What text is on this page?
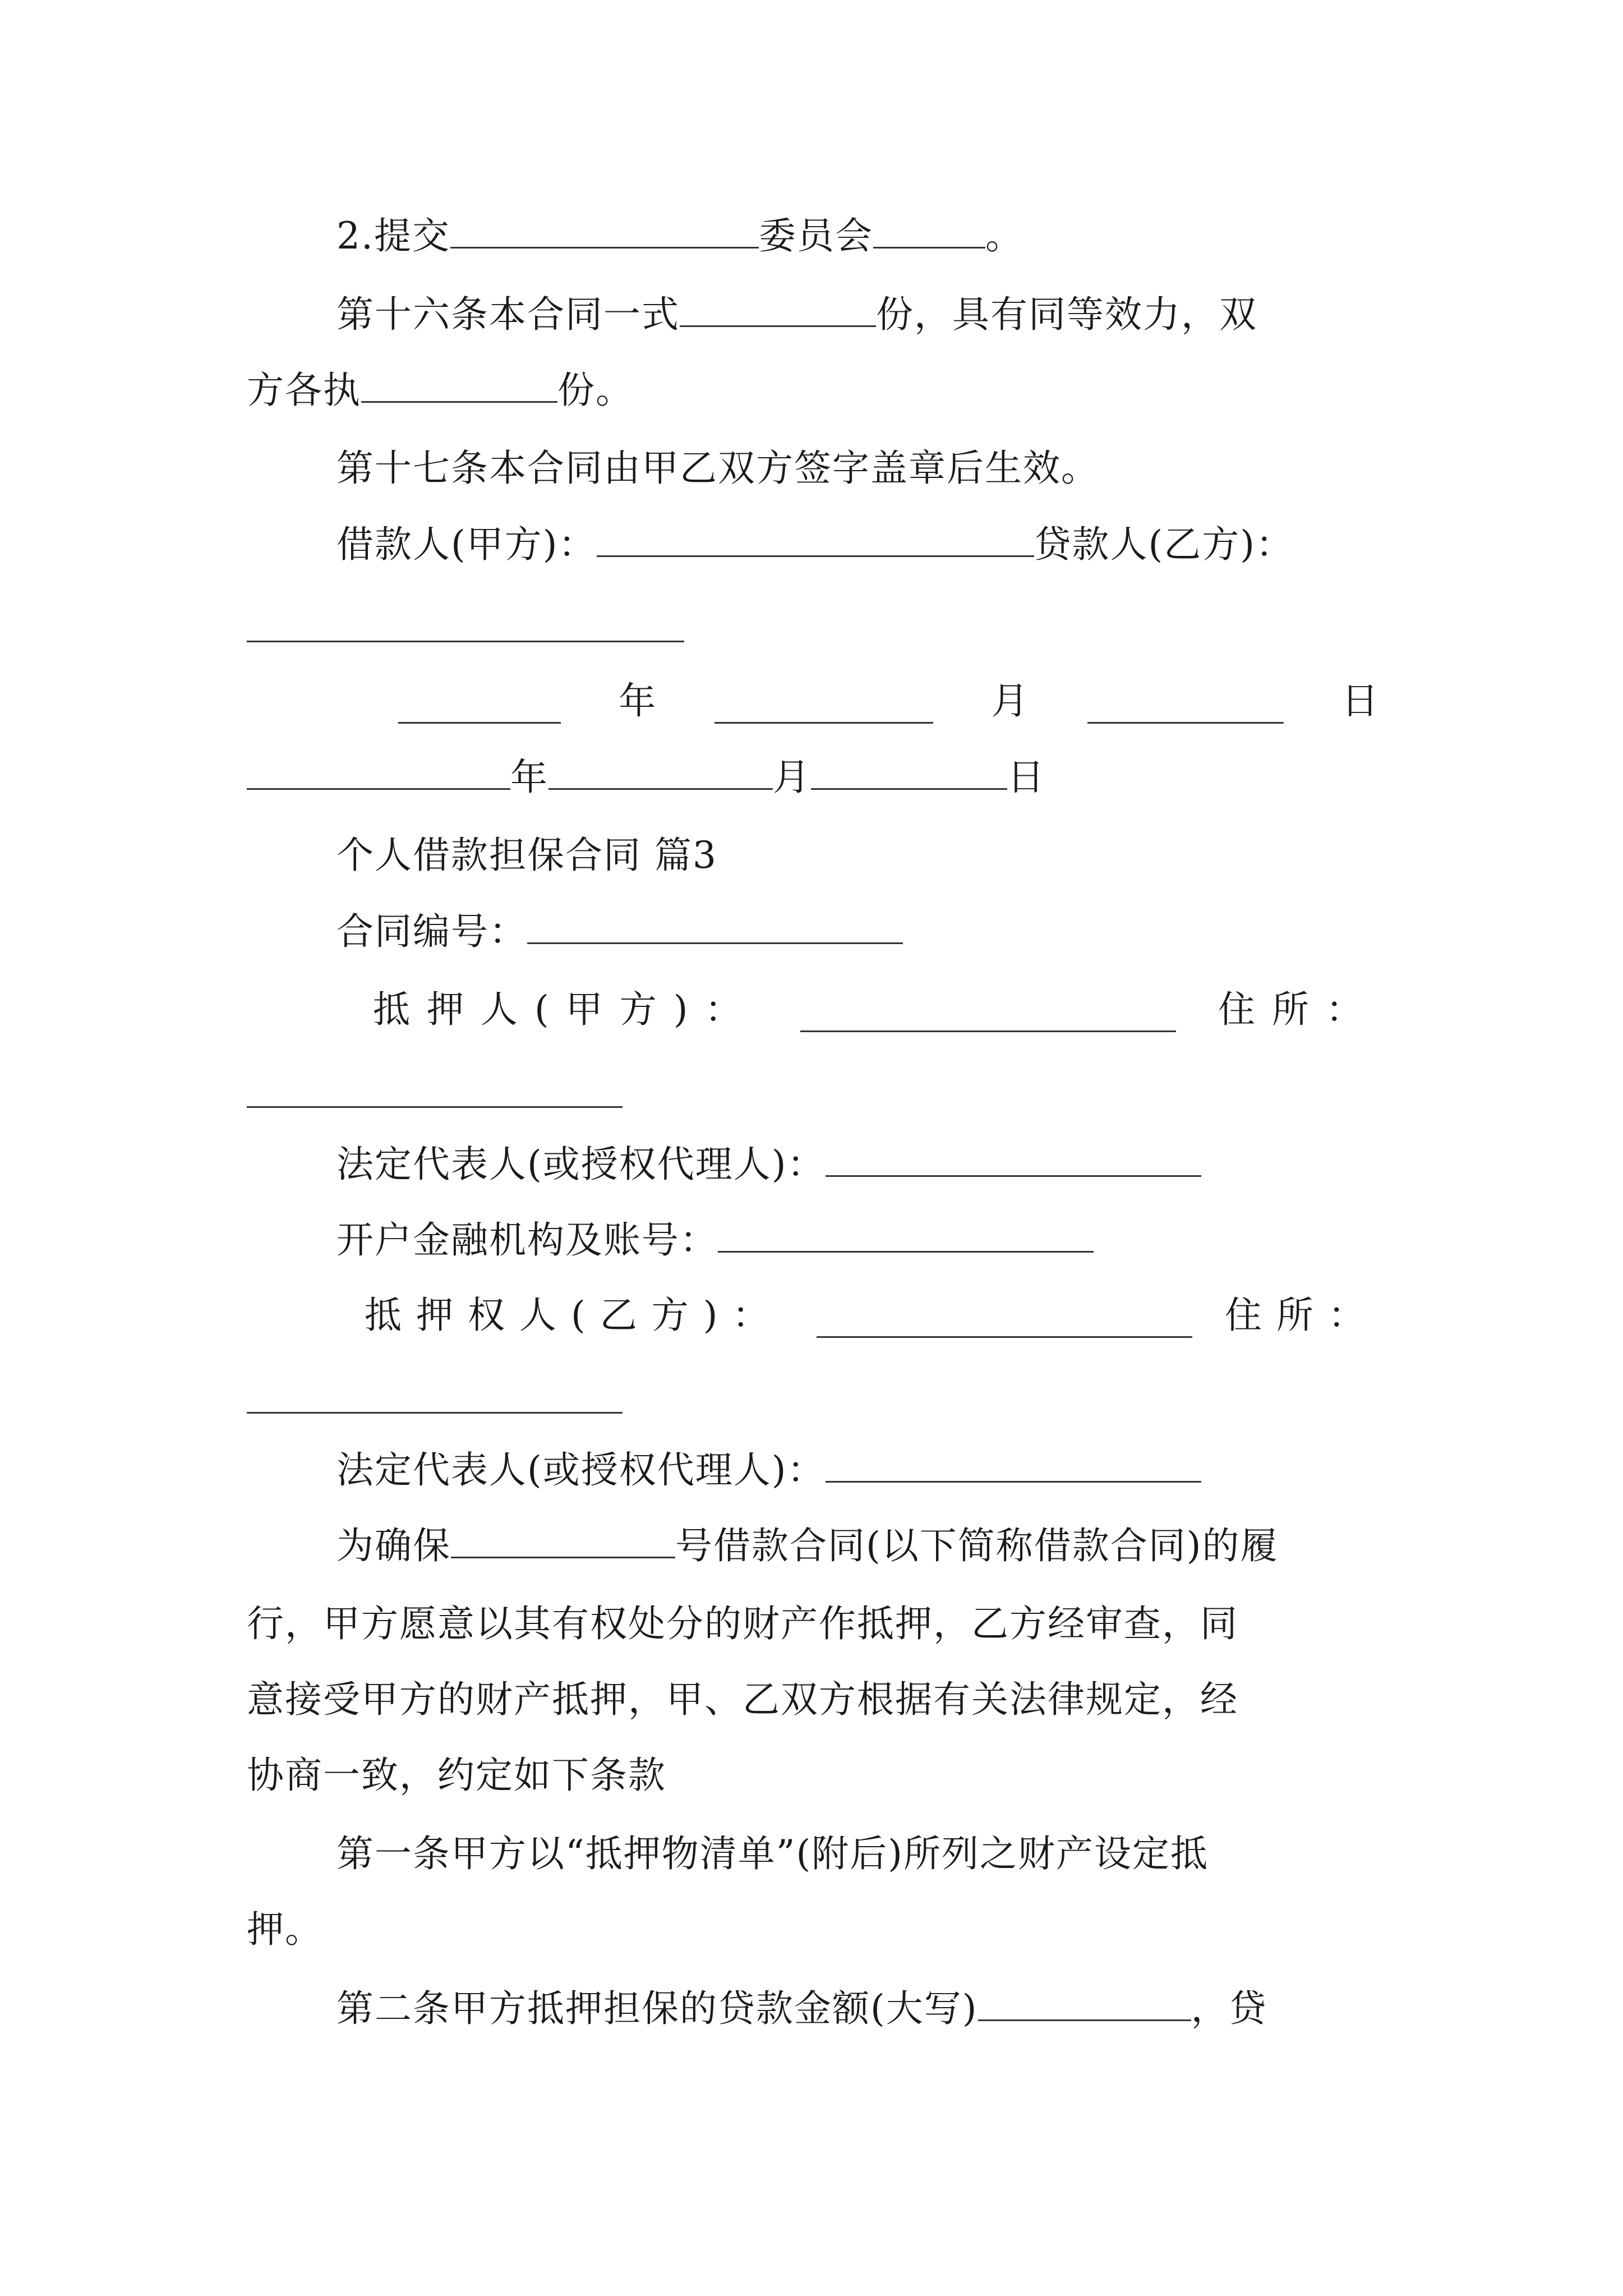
2.提交	委员会	。
第十六条本合同一式	份，具有同等效力，双
方各执	份。
第十七条本合同由甲乙双方签字盖章后生效。
借款人(甲方)：	贷款人(乙方)：
年	月	日
年	月	日
个人借款担保合同 篇3
合同编号：
抵押人(甲方)：	住所：
法定代表人(或授权代理人)：
开户金融机构及账号：
抵押权人(乙方)：	住所：
法定代表人(或授权代理人)：
为确保	号借款合同(以下简称借款合同)的履
行，甲方愿意以其有权处分的财产作抵押，乙方经审查，同
意接受甲方的财产抵押，甲、乙双方根据有关法律规定，经
协商一致，约定如下条款
第一条甲方以“抵押物清单”(附后)所列之财产设定抵
押。
第二条甲方抵押担保的贷款金额(大写)	，贷
